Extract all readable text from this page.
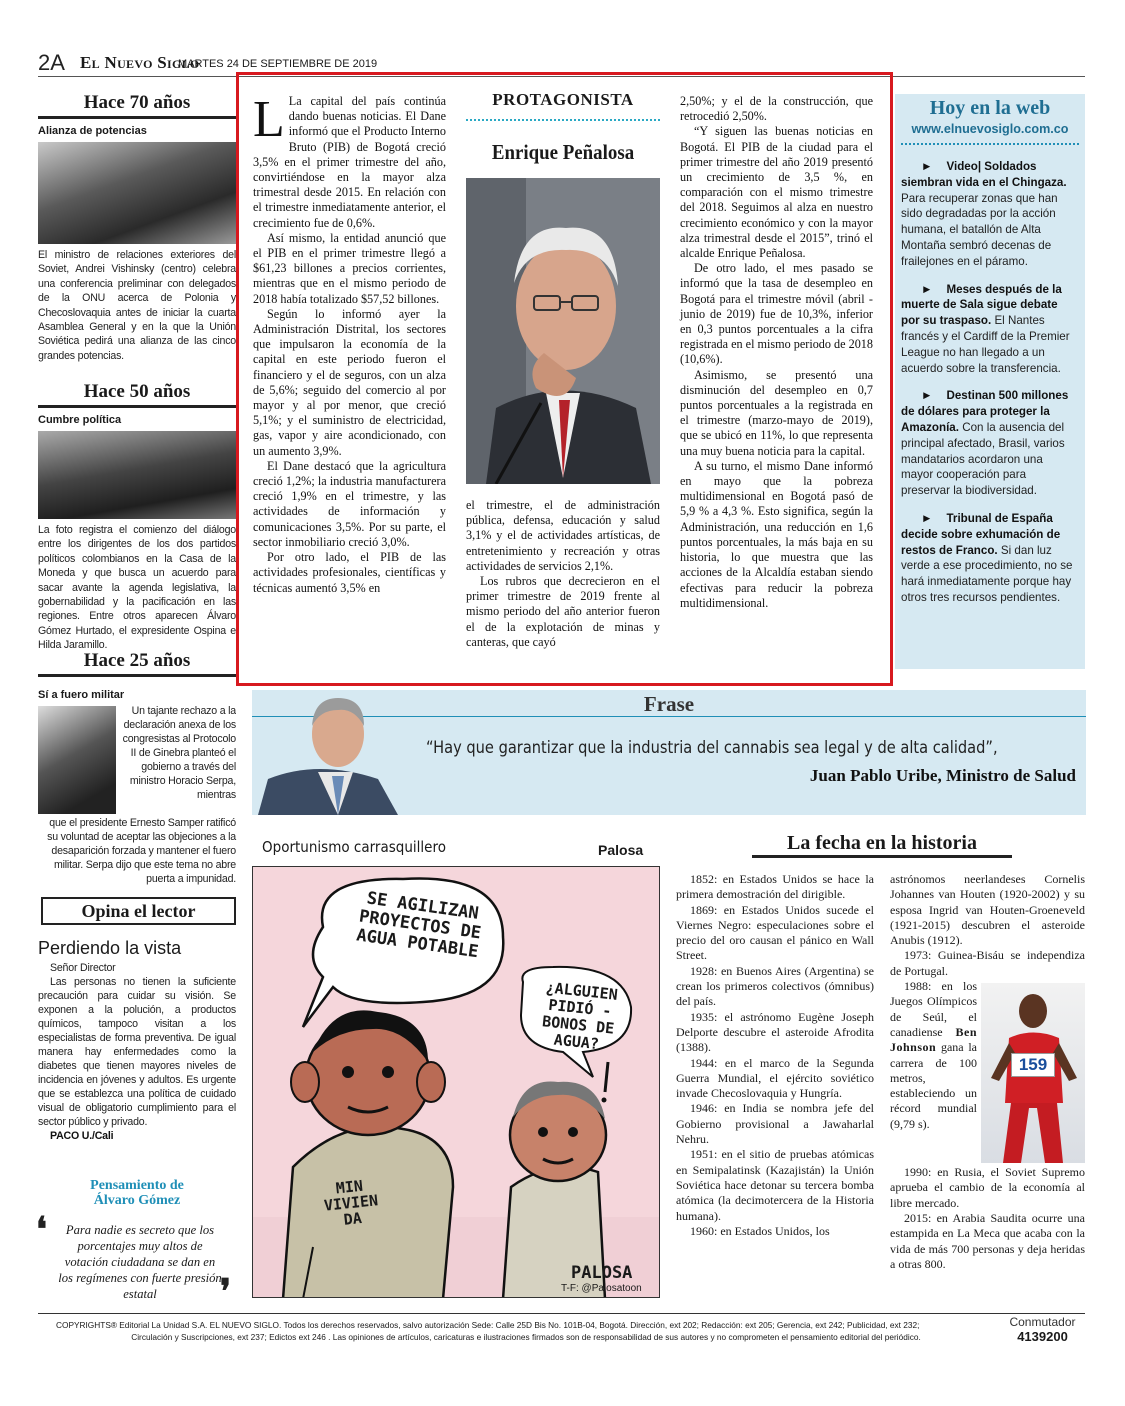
2A El Nuevo Siglo
MARTES 24 DE SEPTIEMBRE DE 2019
Hace 70 años
Alianza de potencias
El ministro de relaciones exteriores del Soviet, Andrei Vishinsky (centro) celebra una conferencia preliminar con delegados de la ONU acerca de Polonia y Checoslovaquia antes de iniciar la cuarta Asamblea General y en la que la Unión Soviética pedirá una alianza de las cinco grandes potencias.
Hace 50 años
Cumbre política
La foto registra el comienzo del diálogo entre los dirigentes de los dos partidos políticos colombianos en la Casa de la Moneda y que busca un acuerdo para sacar avante la agenda legislativa, la gobernabilidad y la pacificación en las regiones. Entre otros aparecen Álvaro Gómez Hurtado, el expresidente Ospina e Hilda Jaramillo.
Hace 25 años
Sí a fuero militar
Un tajante rechazo a la declaración anexa de los congresistas al Protocolo II de Ginebra planteó el gobierno a través del ministro Horacio Serpa, mientras
que el presidente Ernesto Samper ratificó su voluntad de aceptar las objeciones a la desaparición forzada y mantener el fuero militar. Serpa dijo que este tema no abre puerta a impunidad.
Opina el lector
Perdiendo la vista
Señor Director
Las personas no tienen la suficiente precaución para cuidar su visión. Se exponen a la polución, a productos químicos, tampoco visitan a los especialistas de forma preventiva. De igual manera hay enfermedades como la diabetes que tienen mayores niveles de incidencia en jóvenes y adultos. Es urgente que se establezca una política de cuidado visual de obligatorio cumplimiento para el sector público y privado.
PACO U./Cali
Pensamiento de
Álvaro Gómez
❛	Para nadie es secreto que los porcentajes muy altos de votación ciudadana se dan en los regímenes con fuerte presión estatal	❜
L La capital del país continúa dando buenas noticias. El Dane informó que el Producto Interno Bruto (PIB) de Bogotá creció 3,5% en el primer trimestre del año, convirtiéndose en la mayor alza trimestral desde 2015. En relación con el trimestre inmediatamente anterior, el crecimiento fue de 0,6%.

Así mismo, la entidad anunció que el PIB en el primer trimestre llegó a $61,23 billones a precios corrientes, mientras que en el mismo periodo de 2018 había totalizado $57,52 billones.

Según lo informó ayer la Administración Distrital, los sectores que impulsaron la economía de la capital en este periodo fueron el financiero y el de seguros, con un alza de 5,6%; seguido del comercio al por mayor y al por menor, que creció 5,1%; y el suministro de electricidad, gas, vapor y aire acondicionado, con un aumento 3,9%.

El Dane destacó que la agricultura creció 1,2%; la industria manufacturera creció 1,9% en el trimestre, y las actividades de información y comunicaciones 3,5%. Por su parte, el sector inmobiliario creció 3,0%.

Por otro lado, el PIB de las actividades profesionales, científicas y técnicas aumentó 3,5% en

PROTAGONISTA
Enrique Peñalosa

el trimestre, el de administración pública, defensa, educación y salud 3,1% y el de actividades artísticas, de entretenimiento y recreación y otras actividades de servicios 2,1%.

Los rubros que decrecieron en el primer trimestre de 2019 frente al mismo periodo del año anterior fueron el de la explotación de minas y canteras, que cayó

2,50%; y el de la construcción, que retrocedió 2,50%.

“Y siguen las buenas noticias en Bogotá. El PIB de la ciudad para el primer trimestre del año 2019 presentó un crecimiento de 3,5 %, en comparación con el mismo trimestre del 2018. Seguimos al alza en nuestro crecimiento económico y con la mayor alza trimestral desde el 2015”, trinó el alcalde Enrique Peñalosa.

De otro lado, el mes pasado se informó que la tasa de desempleo en Bogotá para el trimestre móvil (abril - junio de 2019) fue de 10,3%, inferior en 0,3 puntos porcentuales a la cifra registrada en el mismo periodo de 2018 (10,6%).

Asimismo, se presentó una disminución del desempleo en 0,7 puntos porcentuales a la registrada en el trimestre (marzo-mayo de 2019), que se ubicó en 11%, lo que representa una muy buena noticia para la capital.

A su turno, el mismo Dane informó en mayo que la pobreza multidimensional en Bogotá pasó de 5,9 % a 4,3 %. Esto significa, según la Administración, una reducción en 1,6 puntos porcentuales, la más baja en su historia, lo que muestra que las acciones de la Alcaldía estaban siendo efectivas para reducir la pobreza multidimensional.

Hoy en la web
www.elnuevosiglo.com.co
► Video| Soldados siembran vida en el Chingaza. Para recuperar zonas que han sido degradadas por la acción humana, el batallón de Alta Montaña sembró decenas de frailejones en el páramo.
► Meses después de la muerte de Sala sigue debate por su traspaso. El Nantes francés y el Cardiff de la Premier League no han llegado a un acuerdo sobre la transferencia.
► Destinan 500 millones de dólares para proteger la Amazonía. Con la ausencia del principal afectado, Brasil, varios mandatarios acordaron una mayor cooperación para preservar la biodiversidad.
► Tribunal de España decide sobre exhumación de restos de Franco. Si dan luz verde a ese procedimiento, no se hará inmediatamente porque hay otros tres recursos pendientes.
Frase
“Hay que garantizar que la industria del cannabis sea legal y de alta calidad”,
Juan Pablo Uribe, Ministro de Salud
Oportunismo carrasquillero	Palosa
SE AGILIZAN PROYECTOS DE AGUA POTABLE
¿ALGUIEN PIDIÓ - BONOS DE AGUA?
MIN VIVIEN DA
PALOSA
T-F: @Palosatoon
La fecha en la historia

1852: en Estados Unidos se hace la primera demostración del dirigible.

1869: en Estados Unidos sucede el Viernes Negro: especulaciones sobre el precio del oro causan el pánico en Wall Street.

1928: en Buenos Aires (Argentina) se crean los primeros colectivos (ómnibus) del país.

1935: el astrónomo Eugène Joseph Delporte descubre el asteroide Afrodita (1388).

1944: en el marco de la Segunda Guerra Mundial, el ejército soviético invade Checoslovaquia y Hungría.

1946: en India se nombra jefe del Gobierno provisional a Jawaharlal Nehru.

1951: en el sitio de pruebas atómicas en Semipalatinsk (Kazajistán) la Unión Soviética hace detonar su tercera bomba atómica (la decimotercera de la Historia humana).

1960: en Estados Unidos, los

astrónomos neerlandeses Cornelis Johannes van Houten (1920-2002) y su esposa Ingrid van Houten-Groeneveld (1921-2015) descubren el asteroide Anubis (1912).

1973: Guinea-Bisáu se independiza de Portugal.

159

1988: en los Juegos Olímpicos de Seúl, el canadiense Ben Johnson gana la carrera de 100 metros, estableciendo un récord mundial (9,79 s).

1990: en Rusia, el Soviet Supremo aprueba el cambio de la economía al libre mercado.

2015: en Arabia Saudita ocurre una estampida en La Meca que acaba con la vida de más 700 personas y deja heridas a otras 800.

COPYRIGHTS® Editorial La Unidad S.A. EL NUEVO SIGLO. Todos los derechos reservados, salvo autorización Sede: Calle 25D Bis No. 101B-04, Bogotá. Dirección, ext 202; Redacción: ext 205; Gerencia, ext 242; Publicidad, ext 232;
Circulación y Suscripciones, ext 237; Edictos ext 246 . Las opiniones de artículos, caricaturas e ilustraciones firmados son de responsabilidad de sus autores y no comprometen el pensamiento editorial del periódico.
Conmutador
4139200
